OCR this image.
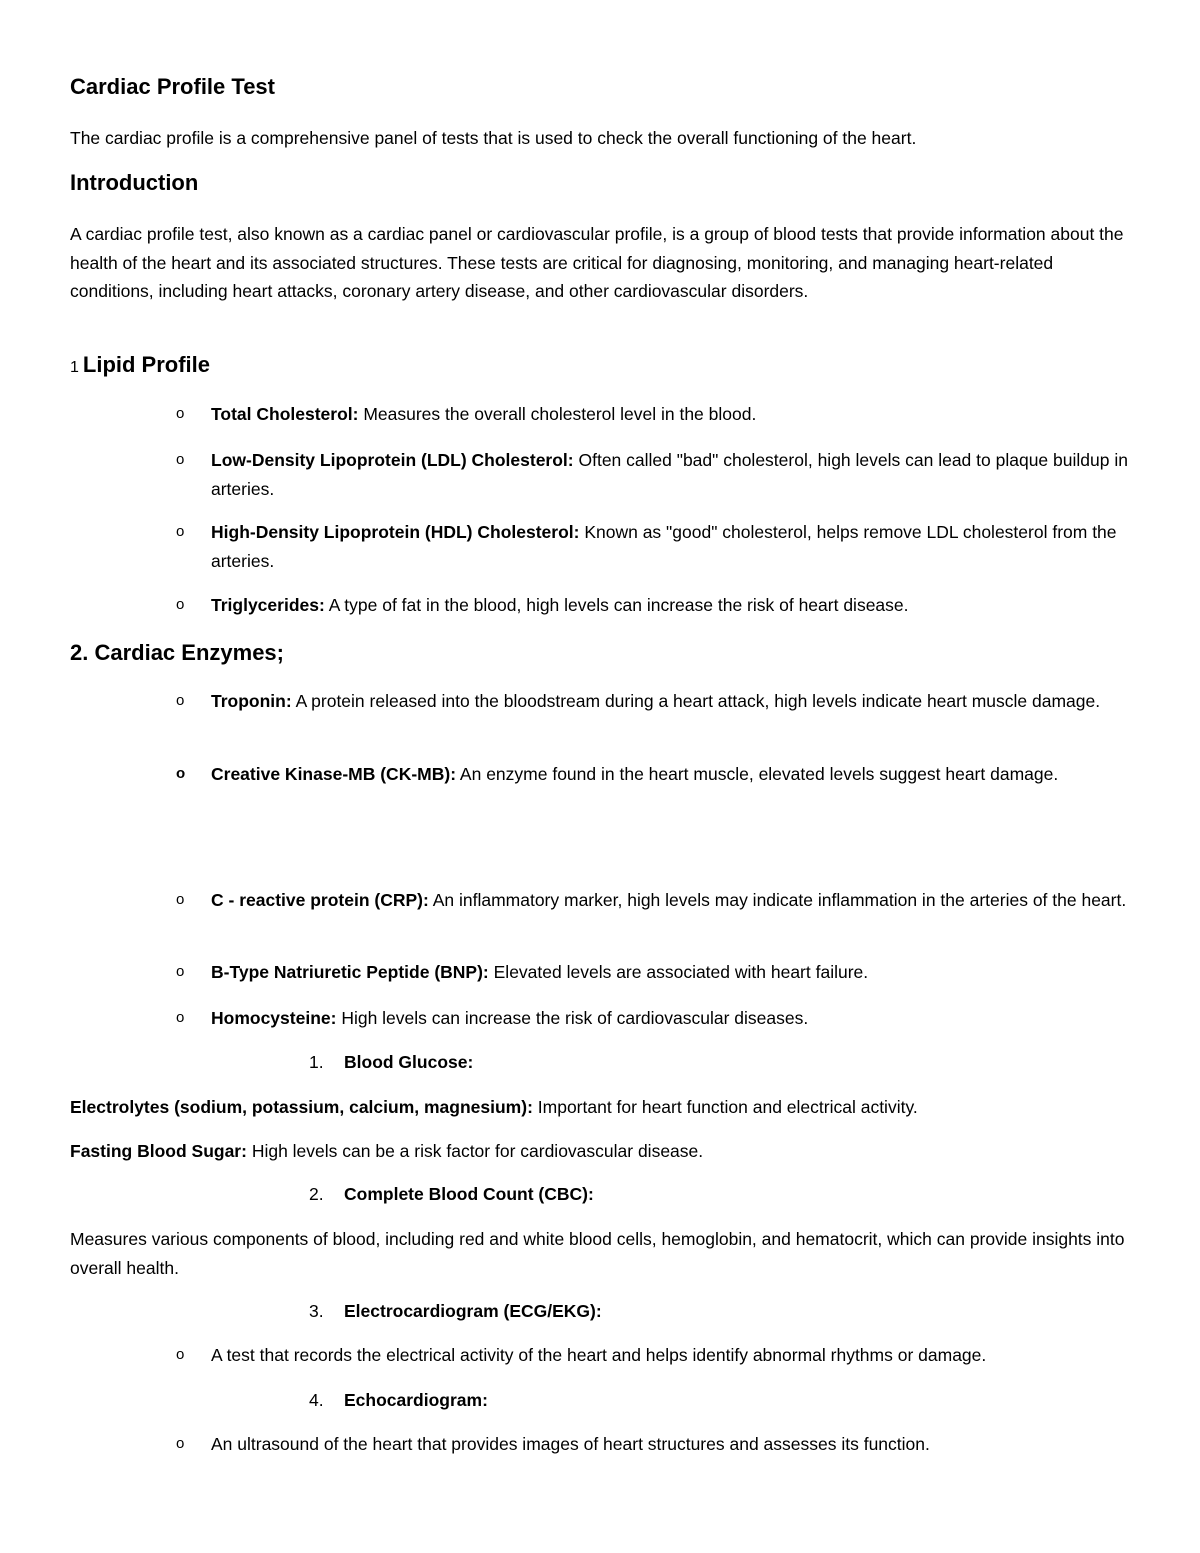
Cardiac Profile Test
The cardiac profile is a comprehensive panel of tests that is used to check the overall functioning of the heart.
Introduction
A cardiac profile test, also known as a cardiac panel or cardiovascular profile, is a group of blood tests that provide information about the health of the heart and its associated structures. These tests are critical for diagnosing, monitoring, and managing heart-related conditions, including heart attacks, coronary artery disease, and other cardiovascular disorders.
1 Lipid Profile
o Total Cholesterol: Measures the overall cholesterol level in the blood.
o Low-Density Lipoprotein (LDL) Cholesterol: Often called "bad" cholesterol, high levels can lead to plaque buildup in arteries.
o High-Density Lipoprotein (HDL) Cholesterol: Known as "good" cholesterol, helps remove LDL cholesterol from the arteries.
o Triglycerides: A type of fat in the blood, high levels can increase the risk of heart disease.
2. Cardiac Enzymes;
o Troponin: A protein released into the bloodstream during a heart attack, high levels indicate heart muscle damage.
o Creative Kinase-MB (CK-MB): An enzyme found in the heart muscle, elevated levels suggest heart damage.
o C - reactive protein (CRP): An inflammatory marker, high levels may indicate inflammation in the arteries of the heart.
o B-Type Natriuretic Peptide (BNP): Elevated levels are associated with heart failure.
o Homocysteine: High levels can increase the risk of cardiovascular diseases.
1. Blood Glucose:
Electrolytes (sodium, potassium, calcium, magnesium): Important for heart function and electrical activity.
Fasting Blood Sugar: High levels can be a risk factor for cardiovascular disease.
2. Complete Blood Count (CBC):
Measures various components of blood, including red and white blood cells, hemoglobin, and hematocrit, which can provide insights into overall health.
3. Electrocardiogram (ECG/EKG):
o A test that records the electrical activity of the heart and helps identify abnormal rhythms or damage.
4. Echocardiogram:
o An ultrasound of the heart that provides images of heart structures and assesses its function.
